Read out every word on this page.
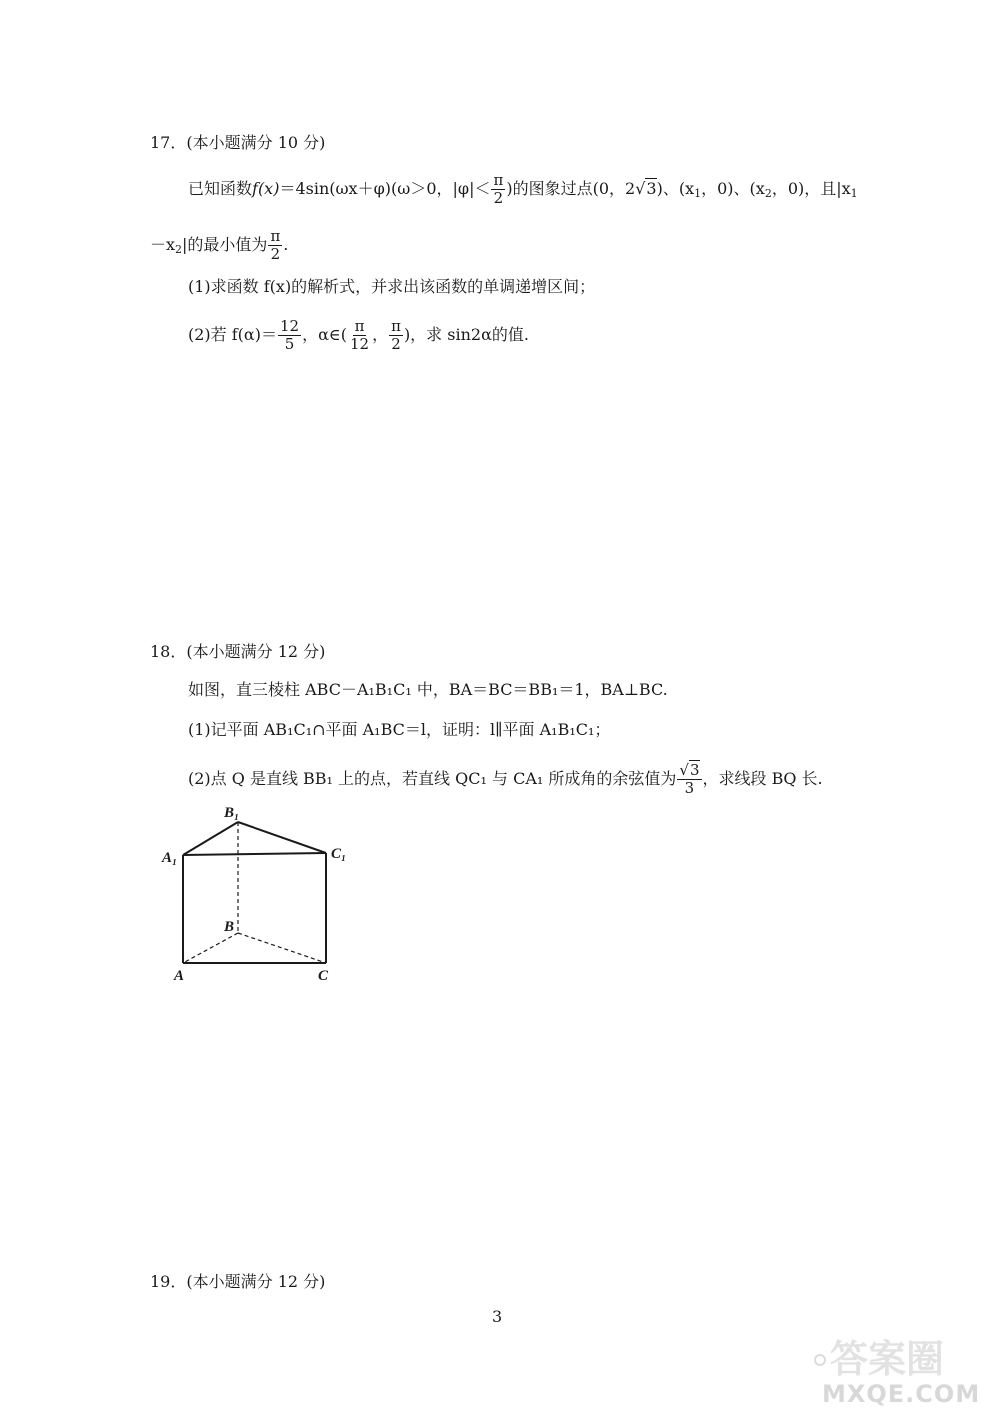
17．(本小题满分 10 分)
已知函数f(x)＝4sin(ωx＋φ)(ω＞0，$|\varphi|< \frac{\pi}{2}$ )的图象过点(0，2√3)、($x_1$，0)、($x_2$，0)，且$|x_1$
$-x_2|$的最小值为 $\frac{\pi}{2}$ .
(1)求函数 f(x)的解析式，并求出该函数的单调递增区间；
(2)若 $f(\alpha)= \frac{12}{5}$ ，α∈( $\frac{\pi}{12}$ ， $\frac{\pi}{2}$ )，求 sin2α的值.
18．(本小题满分 12 分)
如图，直三棱柱 ABC－A₁B₁C₁ 中，BA＝BC＝BB₁＝1，BA⊥BC.
(1)记平面 AB₁C₁∩平面 A₁BC＝l，证明：l∥平面 A₁B₁C₁；
(2)点 Q 是直线 BB₁ 上的点，若直线 QC₁ 与 CA₁ 所成角的余弦值为 $\frac{√3}{3}$ ，求线段 BQ 长.
A₁
B₁
C₁
B
A	C
19．(本小题满分 12 分)
3
答案圈
MXQE.COM
